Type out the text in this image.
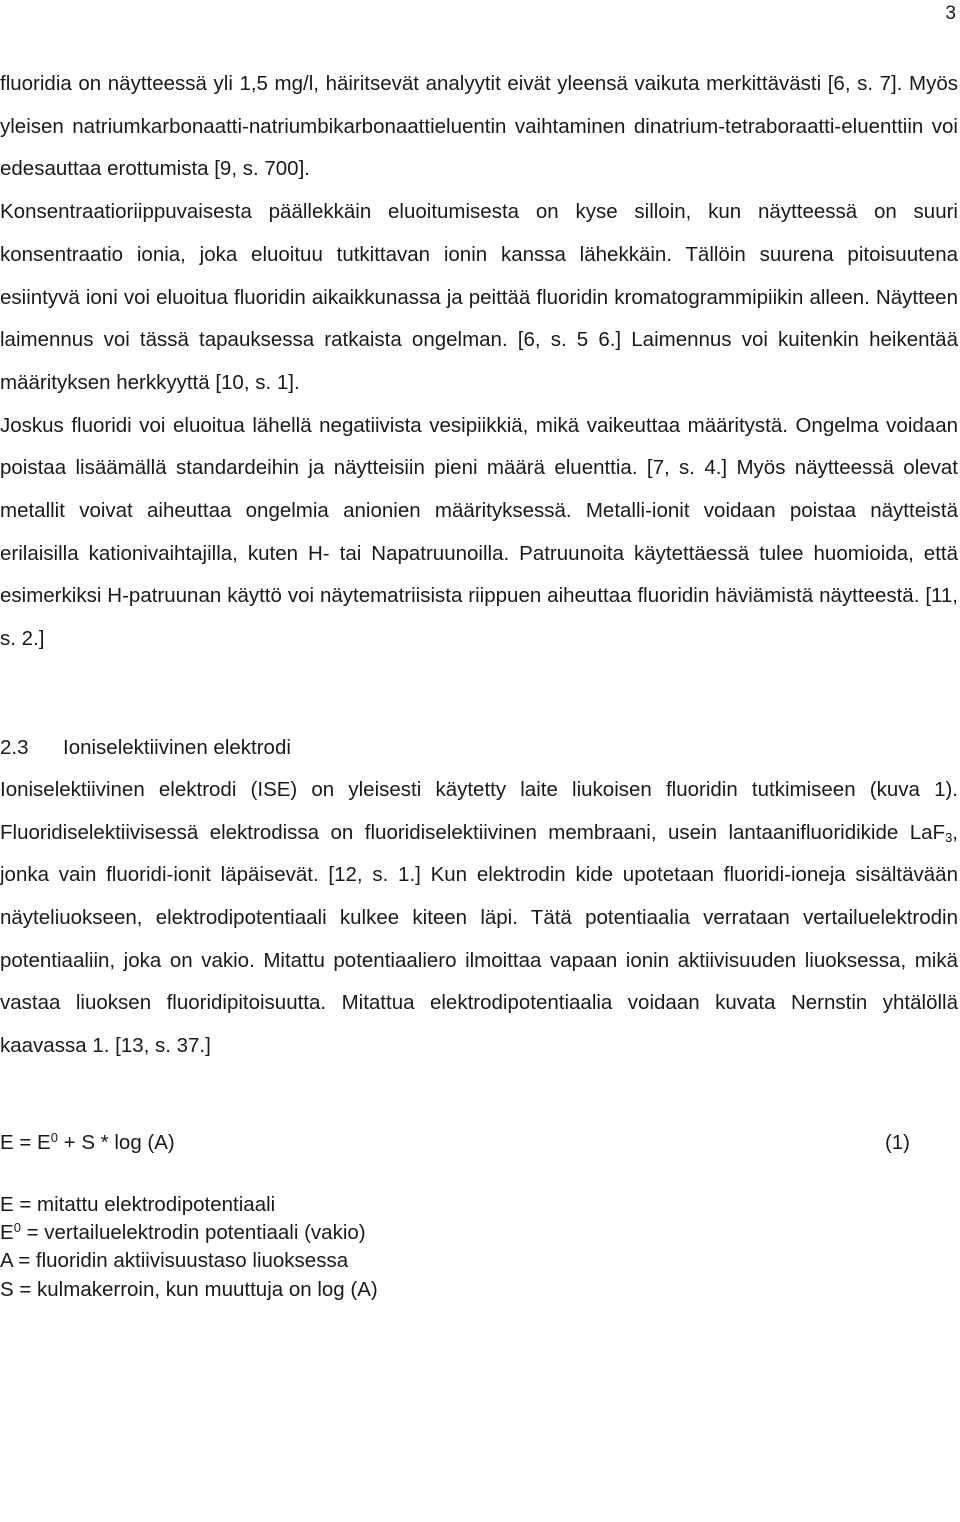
3

fluoridia on näytteessä yli 1,5 mg/l, häiritsevät analyytit eivät yleensä vaikuta merkittävästi [6, s. 7]. Myös yleisen natriumkarbonaatti-natriumbikarbonaattieluentin vaihtaminen dinatrium-tetraboraatti-eluenttiin voi edesauttaa erottumista [9, s. 700].

Konsentraatioriippuvaisesta päällekkäin eluoitumisesta on kyse silloin, kun näytteessä on suuri konsentraatio ionia, joka eluoituu tutkittavan ionin kanssa lähekkäin. Tällöin suurena pitoisuutena esiintyvä ioni voi eluoitua fluoridin aikaikkunassa ja peittää fluoridin kromatogrammipiikin alleen. Näytteen laimennus voi tässä tapauksessa ratkaista ongelman. [6, s. 5 6.] Laimennus voi kuitenkin heikentää määrityksen herkkyyttä [10, s. 1].

Joskus fluoridi voi eluoitua lähellä negatiivista vesipiikkiä, mikä vaikeuttaa määritystä. Ongelma voidaan poistaa lisäämällä standardeihin ja näytteisiin pieni määrä eluenttia. [7, s. 4.] Myös näytteessä olevat metallit voivat aiheuttaa ongelmia anionien määrityksessä. Metalli-ionit voidaan poistaa näytteistä erilaisilla kationivaihtajilla, kuten H- tai Napatruunoilla. Patruunoita käytettäessä tulee huomioida, että esimerkiksi H-patruunan käyttö voi näytematriisista riippuen aiheuttaa fluoridin häviämistä näytteestä. [11, s. 2.]

2.3 Ioniselektiivinen elektrodi

Ioniselektiivinen elektrodi (ISE) on yleisesti käytetty laite liukoisen fluoridin tutkimiseen (kuva 1). Fluoridiselektiivisessä elektrodissa on fluoridiselektiivinen membraani, usein lantaanifluoridikide LaF$_3$, jonka vain fluoridi-ionit läpäisevät. [12, s. 1.] Kun elektrodin kide upotetaan fluoridi-ioneja sisältävään näyteliuokseen, elektrodipotentiaali kulkee kiteen läpi. Tätä potentiaalia verrataan vertailuelektrodin potentiaaliin, joka on vakio. Mitattu potentiaaliero ilmoittaa vapaan ionin aktiivisuuden liuoksessa, mikä vastaa liuoksen fluoridipitoisuutta. Mitattua elektrodipotentiaalia voidaan kuvata Nernstin yhtälöllä kaavassa 1. [13, s. 37.]

$E = E^0 + S * \log (A)$	(1)
E = mitattu elektrodipotentiaali
$E^0$ = vertailuelektrodin potentiaali (vakio)
A = fluoridin aktiivisuustaso liuoksessa
S = kulmakerroin, kun muuttuja on log (A)
